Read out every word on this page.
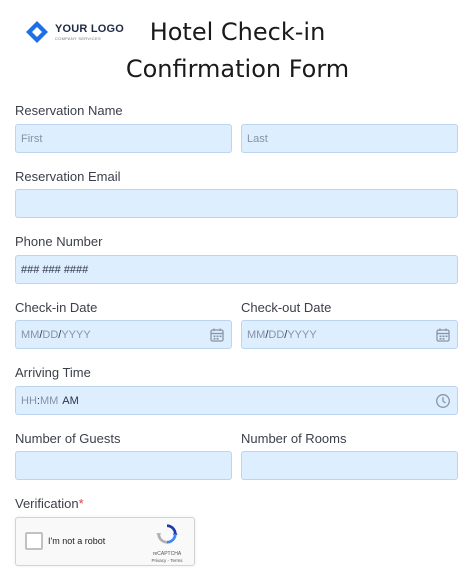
YOUR LOGO
COMPANY SERVICES	Hotel Check-in
Confirmation Form
Reservation Name
First	Last
Reservation Email
Phone Number
### ### ####
Check-in Date	Check-out Date
MM / DD / YYYY	MM / DD / YYYY
Arriving Time
HH : MM AM
Number of Guests	Number of Rooms
Verification*
I'm not a robot
reCAPTCHA
Privacy - Terms
